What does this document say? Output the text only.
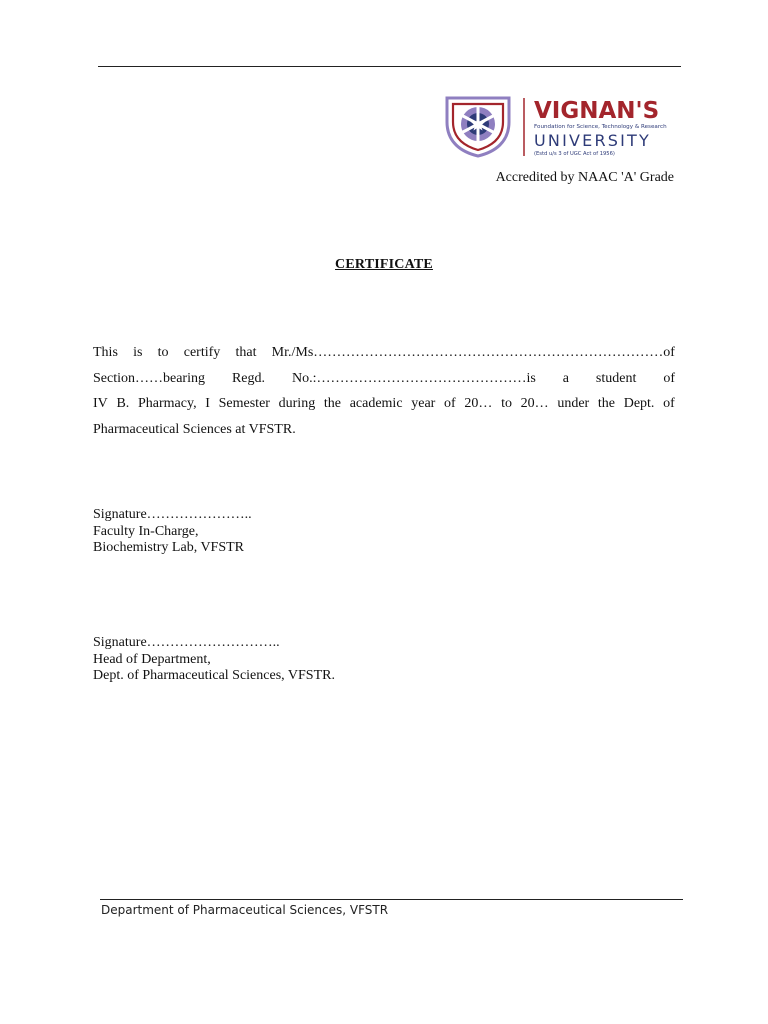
VIGNAN'S
Foundation for Science, Technology & Research
UNIVERSITY
(Estd u/s 3 of UGC Act of 1956)
Accredited by NAAC 'A' Grade
CERTIFICATE
This is to certify that Mr./Ms…………………………………………………………………of
Section……bearing Regd. No.:………………………………………is a student of
IV B. Pharmacy, I Semester during the academic year of 20… to 20… under the Dept. of
Pharmaceutical Sciences at VFSTR.
Signature…………………..
Faculty In-Charge,
Biochemistry Lab, VFSTR
Signature………………………..
Head of Department,
Dept. of Pharmaceutical Sciences, VFSTR.
Department of Pharmaceutical Sciences, VFSTR
